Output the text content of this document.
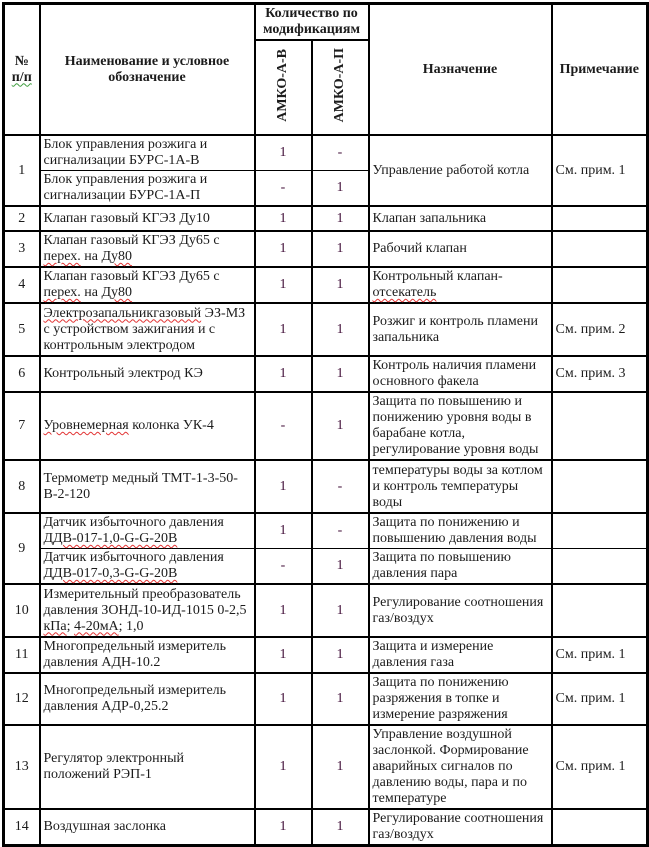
№
п/п	Наименование и условное обозначение	Количество по модификациям		Назначение	Примечание
		АМКО-А-В	АМКО-А-П		
1	Блок управления розжига и сигнализации БУРС-1А-В	1	-	Управление работой котла	См. прим. 1
	Блок управления розжига и сигнализации БУРС-1А-П	-	1		
2	Клапан газовый КГЭЗ Ду10	1	1	Клапан запальника	
3	Клапан газовый КГЭЗ Ду65 с перех. на Ду80	1	1	Рабочий клапан	
4	Клапан газовый КГЭЗ Ду65 с перех. на Ду80	1	1	Контрольный клапан-отсекатель	
5	Электрозапальникгазовый ЭЗ-МЗ с устройством зажигания и с контрольным электродом	1	1	Розжиг и контроль пламени запальника	См. прим. 2
6	Контрольный электрод КЭ	1	1	Контроль наличия пламени основного факела	См. прим. 3
7	Уровнемерная колонка УК-4	-	1	Защита по повышению и понижению уровня воды в барабане котла, регулирование уровня воды	
8	Термометр медный ТМТ-1-3-50-В-2-120	1	-	температуры воды за котлом и контроль температуры воды	
9	Датчик избыточного давления ДДВ-017-1,0-G-G-20В	1	-	Защита по понижению и повышению давления воды	
	Датчик избыточного давления ДДВ-017-0,3-G-G-20В	-	1	Защита по повышению давления пара	
10	Измерительный преобразователь давления ЗОНД-10-ИД-1015 0-2,5 кПа; 4-20мА; 1,0	1	1	Регулирование соотношения газ/воздух	
11	Многопредельный измеритель давления АДН-10.2	1	1	Защита и измерение давления газа	См. прим. 1
12	Многопредельный измеритель давления АДР-0,25.2	1	1	Защита по понижению разряжения в топке и измерение разряжения	См. прим. 1
13	Регулятор электронный положений РЭП-1	1	1	Управление воздушной заслонкой. Формирование аварийных сигналов по давлению воды, пара и по температуре	См. прим. 1
14	Воздушная заслонка	1	1	Регулирование соотношения газ/воздух	
